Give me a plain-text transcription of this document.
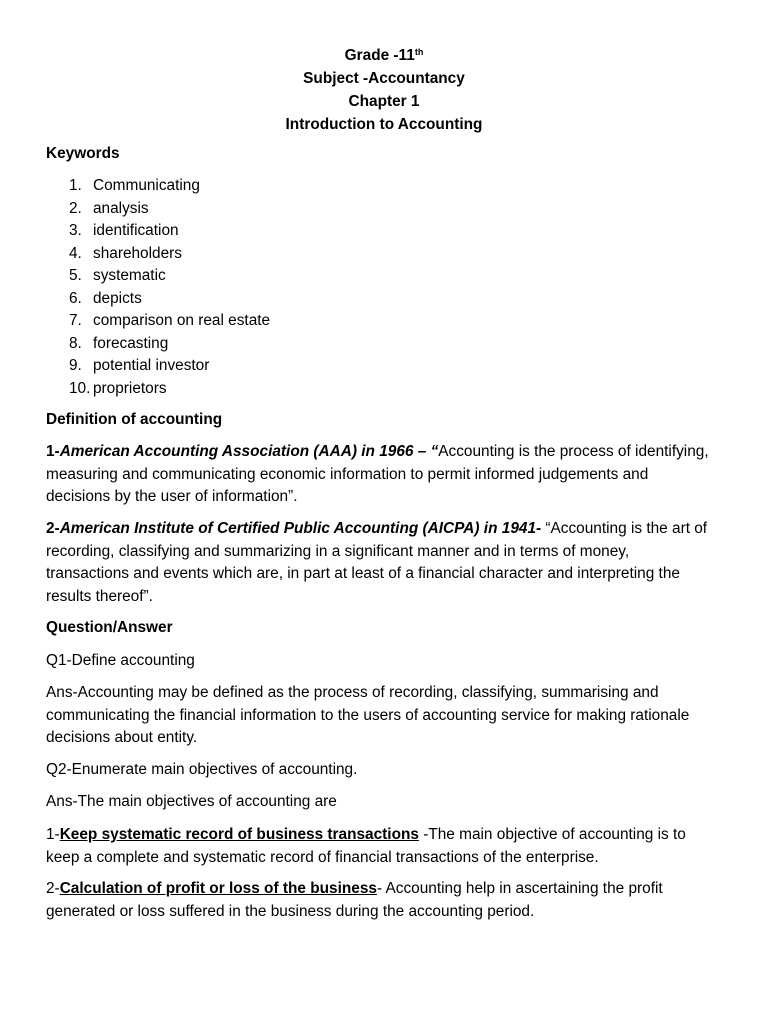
Grade -11th
Subject -Accountancy
Chapter 1
Introduction to Accounting
Keywords
1. Communicating
2. analysis
3. identification
4. shareholders
5. systematic
6. depicts
7. comparison on real estate
8. forecasting
9. potential investor
10. proprietors
Definition of accounting
1-American Accounting Association (AAA) in 1966 – “Accounting is the process of identifying, measuring and communicating economic information to permit informed judgements and decisions by the user of information”.
2-American Institute of Certified Public Accounting (AICPA) in 1941- “Accounting is the art of recording, classifying and summarizing in a significant manner and in terms of money, transactions and events which are, in part at least of a financial character and interpreting the results thereof”.
Question/Answer
Q1-Define accounting
Ans-Accounting may be defined as the process of recording, classifying, summarising and communicating the financial information to the users of accounting service for making rationale decisions about entity.
Q2-Enumerate main objectives of accounting.
Ans-The main objectives of accounting are
1-Keep systematic record of business transactions -The main objective of accounting is to keep a complete and systematic record of financial transactions of the enterprise.
2-Calculation of profit or loss of the business- Accounting help in ascertaining the profit generated or loss suffered in the business during the accounting period.
